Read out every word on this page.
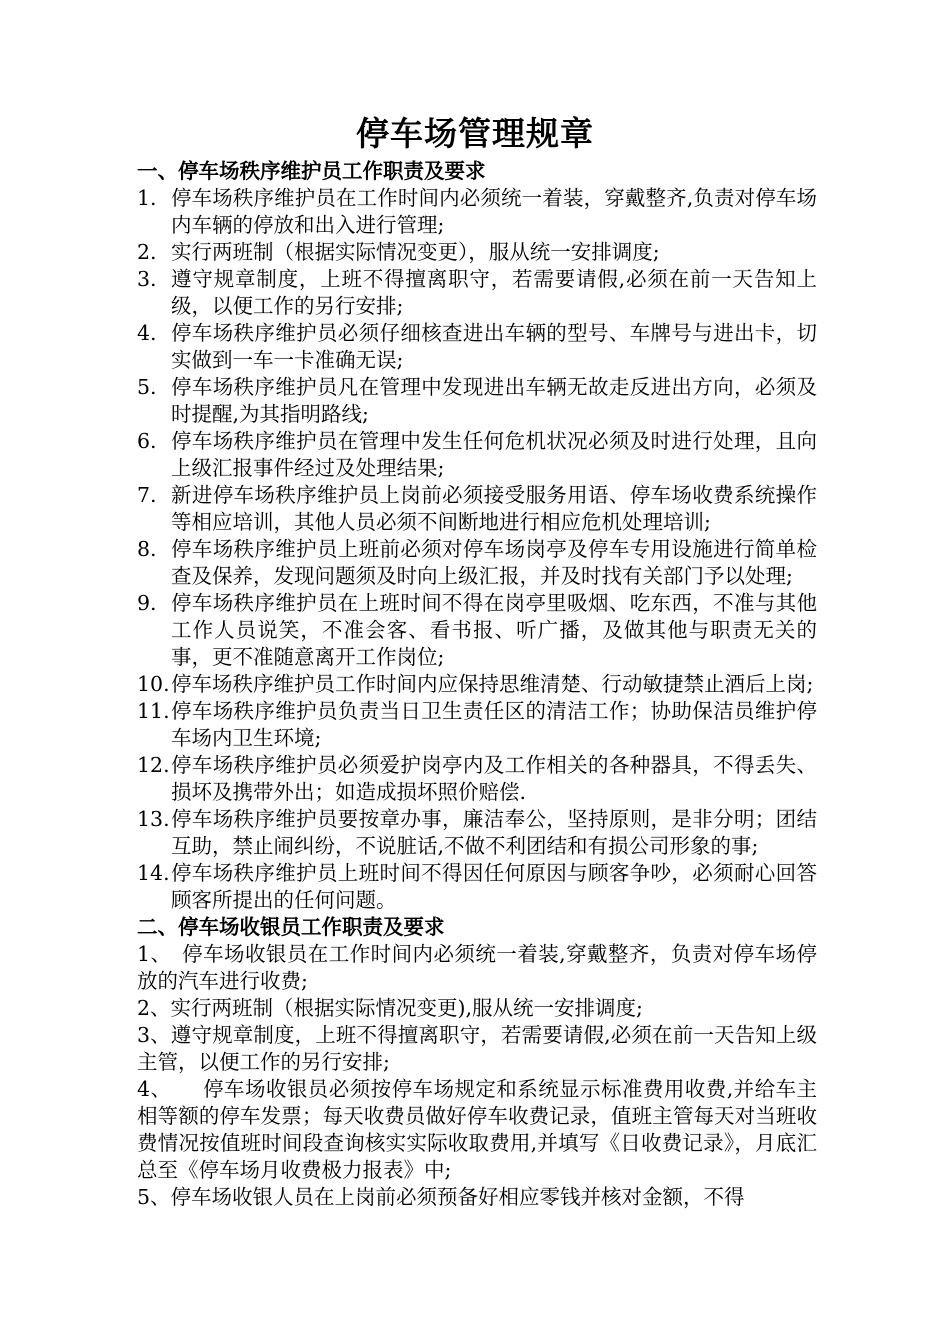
停车场管理规章
一、停车场秩序维护员工作职责及要求
1. 停车场秩序维护员在工作时间内必须统一着装，穿戴整齐,负责对停车场内车辆的停放和出入进行管理;
2. 实行两班制（根据实际情况变更），服从统一安排调度;
3. 遵守规章制度，上班不得擅离职守，若需要请假,必须在前一天告知上级，以便工作的另行安排;
4. 停车场秩序维护员必须仔细核查进出车辆的型号、车牌号与进出卡，切实做到一车一卡准确无误;
5. 停车场秩序维护员凡在管理中发现进出车辆无故走反进出方向，必须及时提醒,为其指明路线;
6. 停车场秩序维护员在管理中发生任何危机状况必须及时进行处理，且向上级汇报事件经过及处理结果;
7. 新进停车场秩序维护员上岗前必须接受服务用语、停车场收费系统操作等相应培训，其他人员必须不间断地进行相应危机处理培训;
8. 停车场秩序维护员上班前必须对停车场岗亭及停车专用设施进行简单检查及保养，发现问题须及时向上级汇报，并及时找有关部门予以处理;
9. 停车场秩序维护员在上班时间不得在岗亭里吸烟、吃东西，不准与其他工作人员说笑，不准会客、看书报、听广播，及做其他与职责无关的事，更不准随意离开工作岗位;
10. 停车场秩序维护员工作时间内应保持思维清楚、行动敏捷禁止酒后上岗;
11. 停车场秩序维护员负责当日卫生责任区的清洁工作；协助保洁员维护停车场内卫生环境;
12. 停车场秩序维护员必须爱护岗亭内及工作相关的各种器具，不得丢失、损坏及携带外出；如造成损坏照价赔偿.
13. 停车场秩序维护员要按章办事，廉洁奉公，坚持原则，是非分明；团结互助，禁止闹纠纷，不说脏话,不做不利团结和有损公司形象的事;
14. 停车场秩序维护员上班时间不得因任何原因与顾客争吵，必须耐心回答顾客所提出的任何问题。
二、停车场收银员工作职责及要求
1、　停车场收银员在工作时间内必须统一着装,穿戴整齐，负责对停车场停放的汽车进行收费;
2、实行两班制（根据实际情况变更),服从统一安排调度;
3、遵守规章制度，上班不得擅离职守，若需要请假,必须在前一天告知上级主管，以便工作的另行安排;
4、　　停车场收银员必须按停车场规定和系统显示标准费用收费,并给车主相等额的停车发票；每天收费员做好停车收费记录，值班主管每天对当班收费情况按值班时间段查询核实实际收取费用,并填写《日收费记录》，月底汇总至《停车场月收费极力报表》中;
5、停车场收银人员在上岗前必须预备好相应零钱并核对金额，不得
